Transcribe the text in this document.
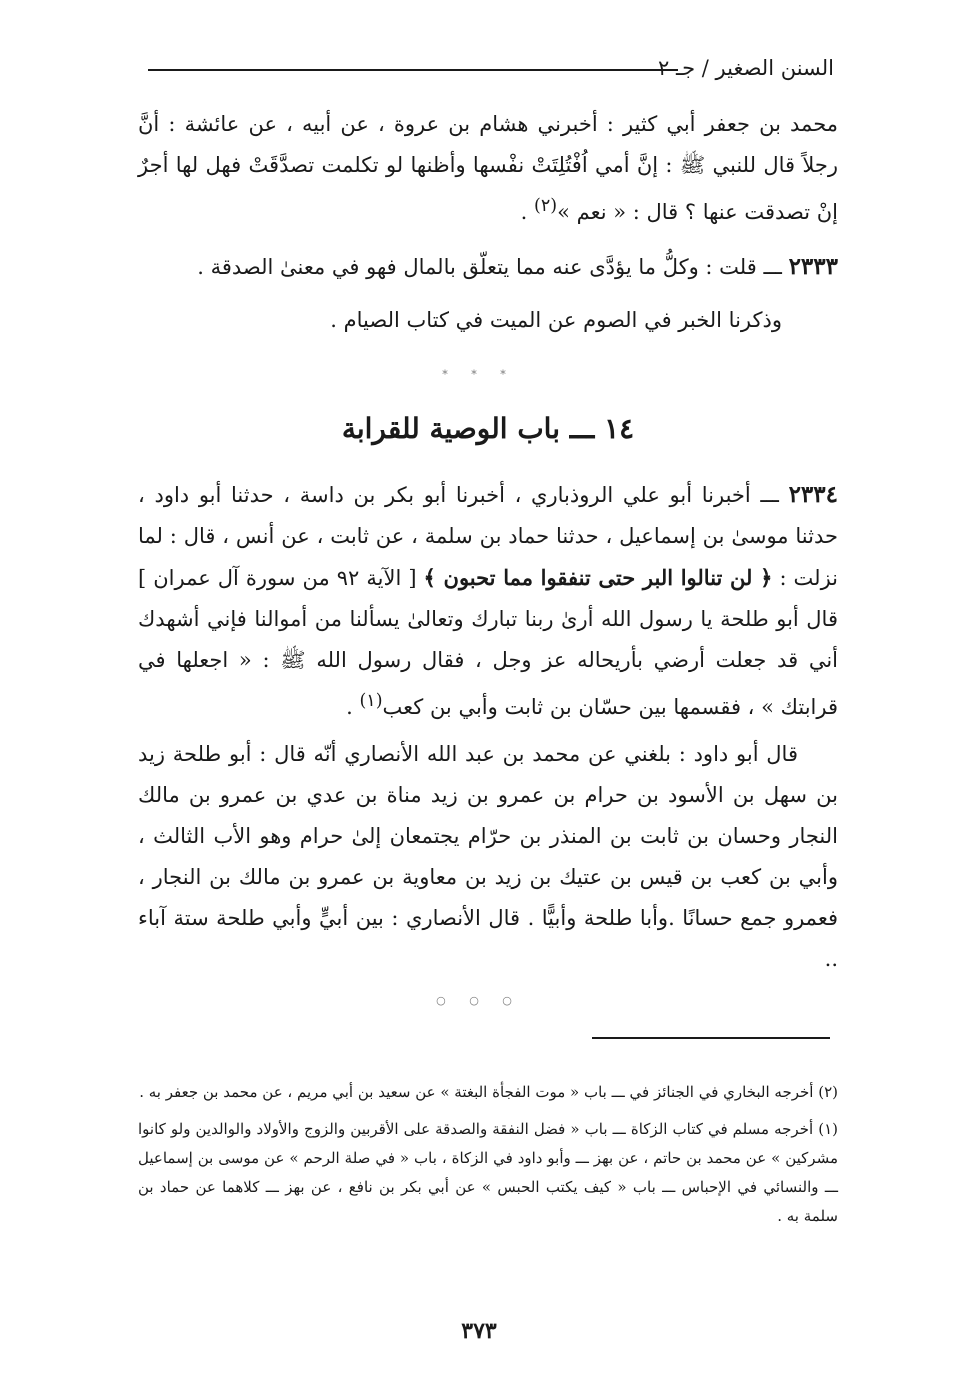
السنن الصغير / جـ ٢
محمد بن جعفر أبي كثير : أخبرني هشام بن عروة ، عن أبيه ، عن عائشة : أنَّ رجلاً قال للنبي ﷺ : إنَّ أمي اُفْتُلِتَتْ نفْسها وأظنها لو تكلمت تصدَّقَتْ فهل لها أجرٌ إنْ تصدقت عنها ؟ قال : « نعم »$^{(٢)}$ .
٢٣٣٣ ـــ قلت : وكلُّ ما يؤدَّى عنه مما يتعلّق بالمال فهو في معنىٰ الصدقة .
وذكرنا الخبر في الصوم عن الميت في كتاب الصيام .
* * *
١٤ ـــ باب الوصية للقرابة
٢٣٣٤ ـــ أخبرنا أبو علي الروذباري ، أخبرنا أبو بكر بن داسة ، حدثنا أبو داود ، حدثنا موسىٰ بن إسماعيل ، حدثنا حماد بن سلمة ، عن ثابت ، عن أنس ، قال : لما نزلت : ﴿ لن تنالوا البر حتى تنفقوا مما تحبون ﴾ [ الآية ٩٢ من سورة آل عمران ] قال أبو طلحة يا رسول الله أرىٰ ربنا تبارك وتعالىٰ يسألنا من أموالنا فإني أشهدك أني قد جعلت أرضي بأريحاله عز وجل ، فقال رسول الله ﷺ : « اجعلها في قرابتك » ، فقسمها بين حسّان بن ثابت وأبي بن كعب$^{(١)}$ .
قال أبو داود : بلغني عن محمد بن عبد الله الأنصاري أنّه قال : أبو طلحة زيد بن سهل بن الأسود بن حرام بن عمرو بن زيد مناة بن عدي بن عمرو بن مالك النجار وحسان بن ثابت بن المنذر بن حرّام يجتمعان إلىٰ حرام وهو الأب الثالث ، وأبي بن كعب بن قيس بن عتيك بن زيد بن معاوية بن عمرو بن مالك بن النجار ، فعمرو جمع حسانًا .وأبا طلحة وأبيًّا . قال الأنصاري : بين أبيٍّ وأبي طلحة ستة آباء ..
○ ○ ○
(٢) أخرجه البخاري في الجنائز في ـــ باب « موت الفجأة البغتة » عن سعيد بن أبي مريم ، عن محمد بن جعفر به .
(١) أخرجه مسلم في كتاب الزكاة ـــ باب « فضل النفقة والصدقة على الأقربين والزوج والأولاد والوالدين ولو كانوا مشركين » عن محمد بن حاتم ، عن بهز ـــ وأبو داود في الزكاة ، باب « في صلة الرحم » عن موسى بن إسماعيل ـــ والنسائي في الإحباس ـــ باب « كيف يكتب الحبس » عن أبي بكر بن نافع ، عن بهز ـــ كلاهما عن حماد بن سلمة به .
٣٧٣
